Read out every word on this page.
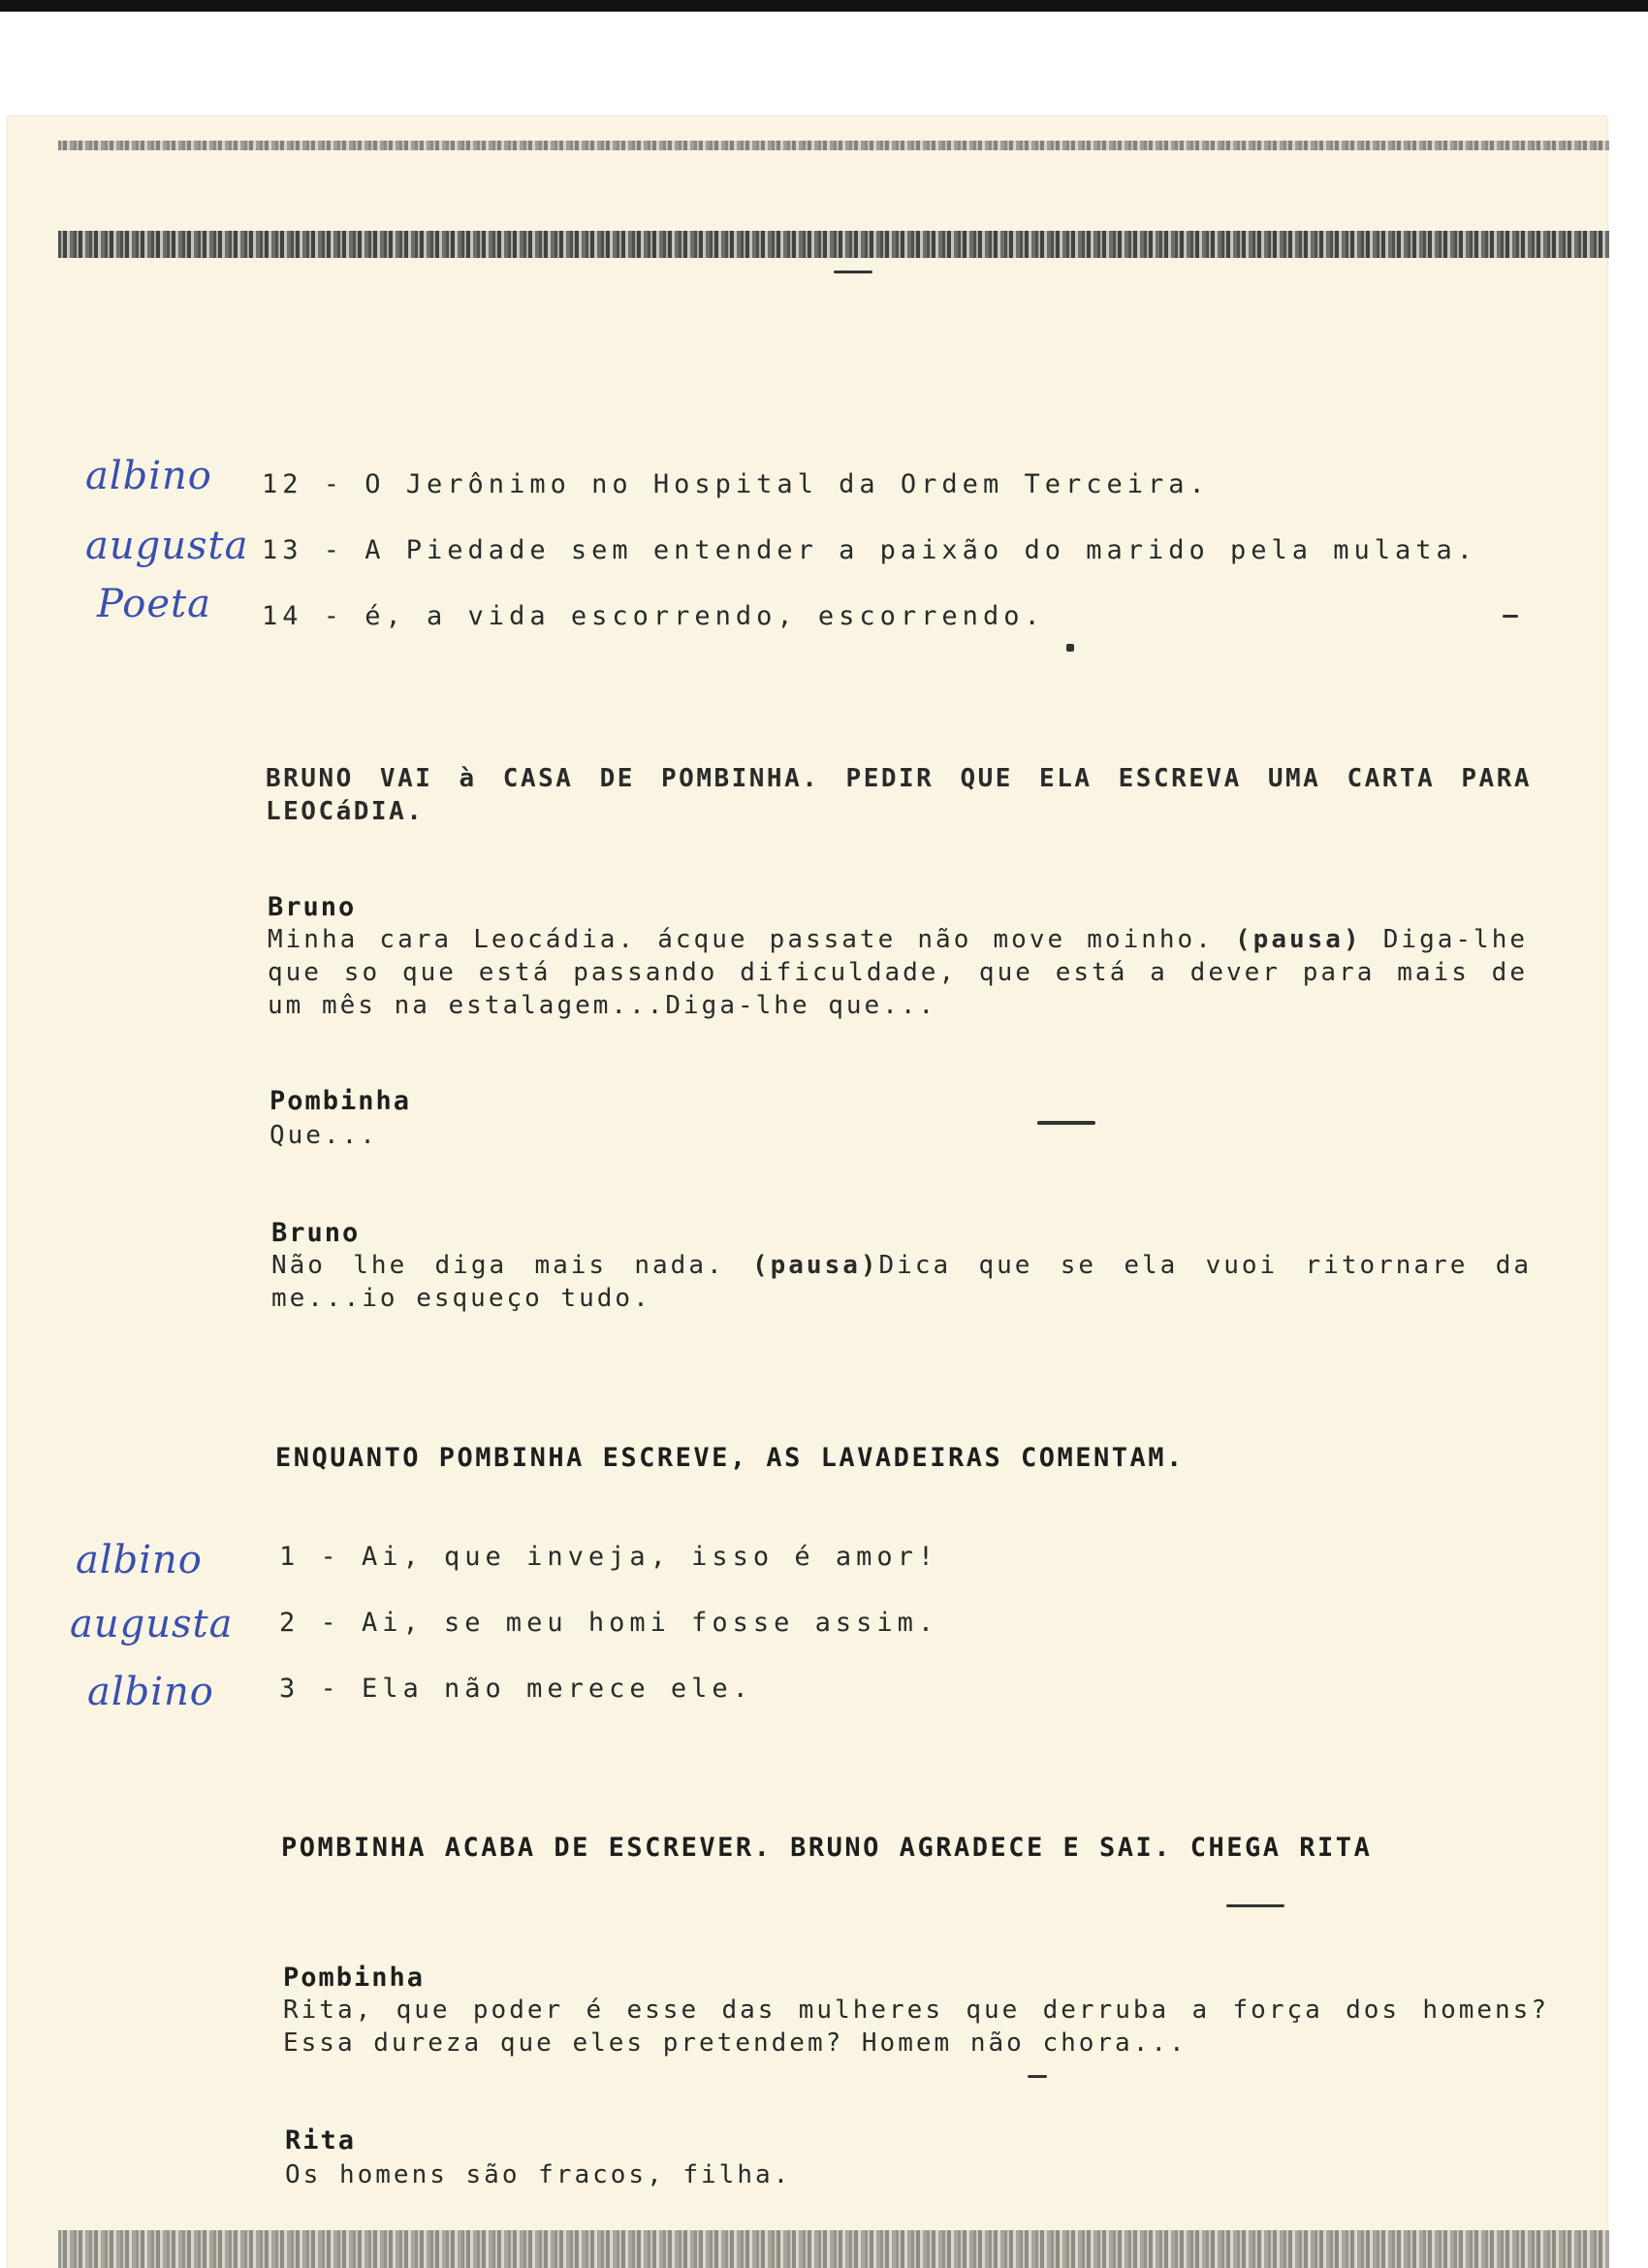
albino 12 - O Jerônimo no Hospital da Ordem Terceira.
augusta 13 - A Piedade sem entender a paixão do marido pela mulata.
Poeta 14 - é, a vida escorrendo, escorrendo.
BRUNO VAI à CASA DE POMBINHA. PEDIR QUE ELA ESCREVA UMA CARTA PARA LEOCáDIA.
Bruno
Minha cara Leocádia. ácque passate não move moinho. (pausa) Diga-lhe que so que está passando dificuldade, que está a dever para mais de um mês na estalagem...Diga-lhe que...
Pombinha
Que...
Bruno
Não lhe diga mais nada. (pausa)Dica que se ela vuoi ritornare da me...io esqueço tudo.
ENQUANTO POMBINHA ESCREVE, AS LAVADEIRAS COMENTAM.
albino	1 - Ai, que inveja, isso é amor!
augusta 2 - Ai, se meu homi fosse assim.
albino 3 - Ela não merece ele.
POMBINHA ACABA DE ESCREVER. BRUNO AGRADECE E SAI. CHEGA RITA
Pombinha
Rita, que poder é esse das mulheres que derruba a força dos homens? Essa dureza que eles pretendem? Homem não chora...
Rita
Os homens são fracos, filha.
